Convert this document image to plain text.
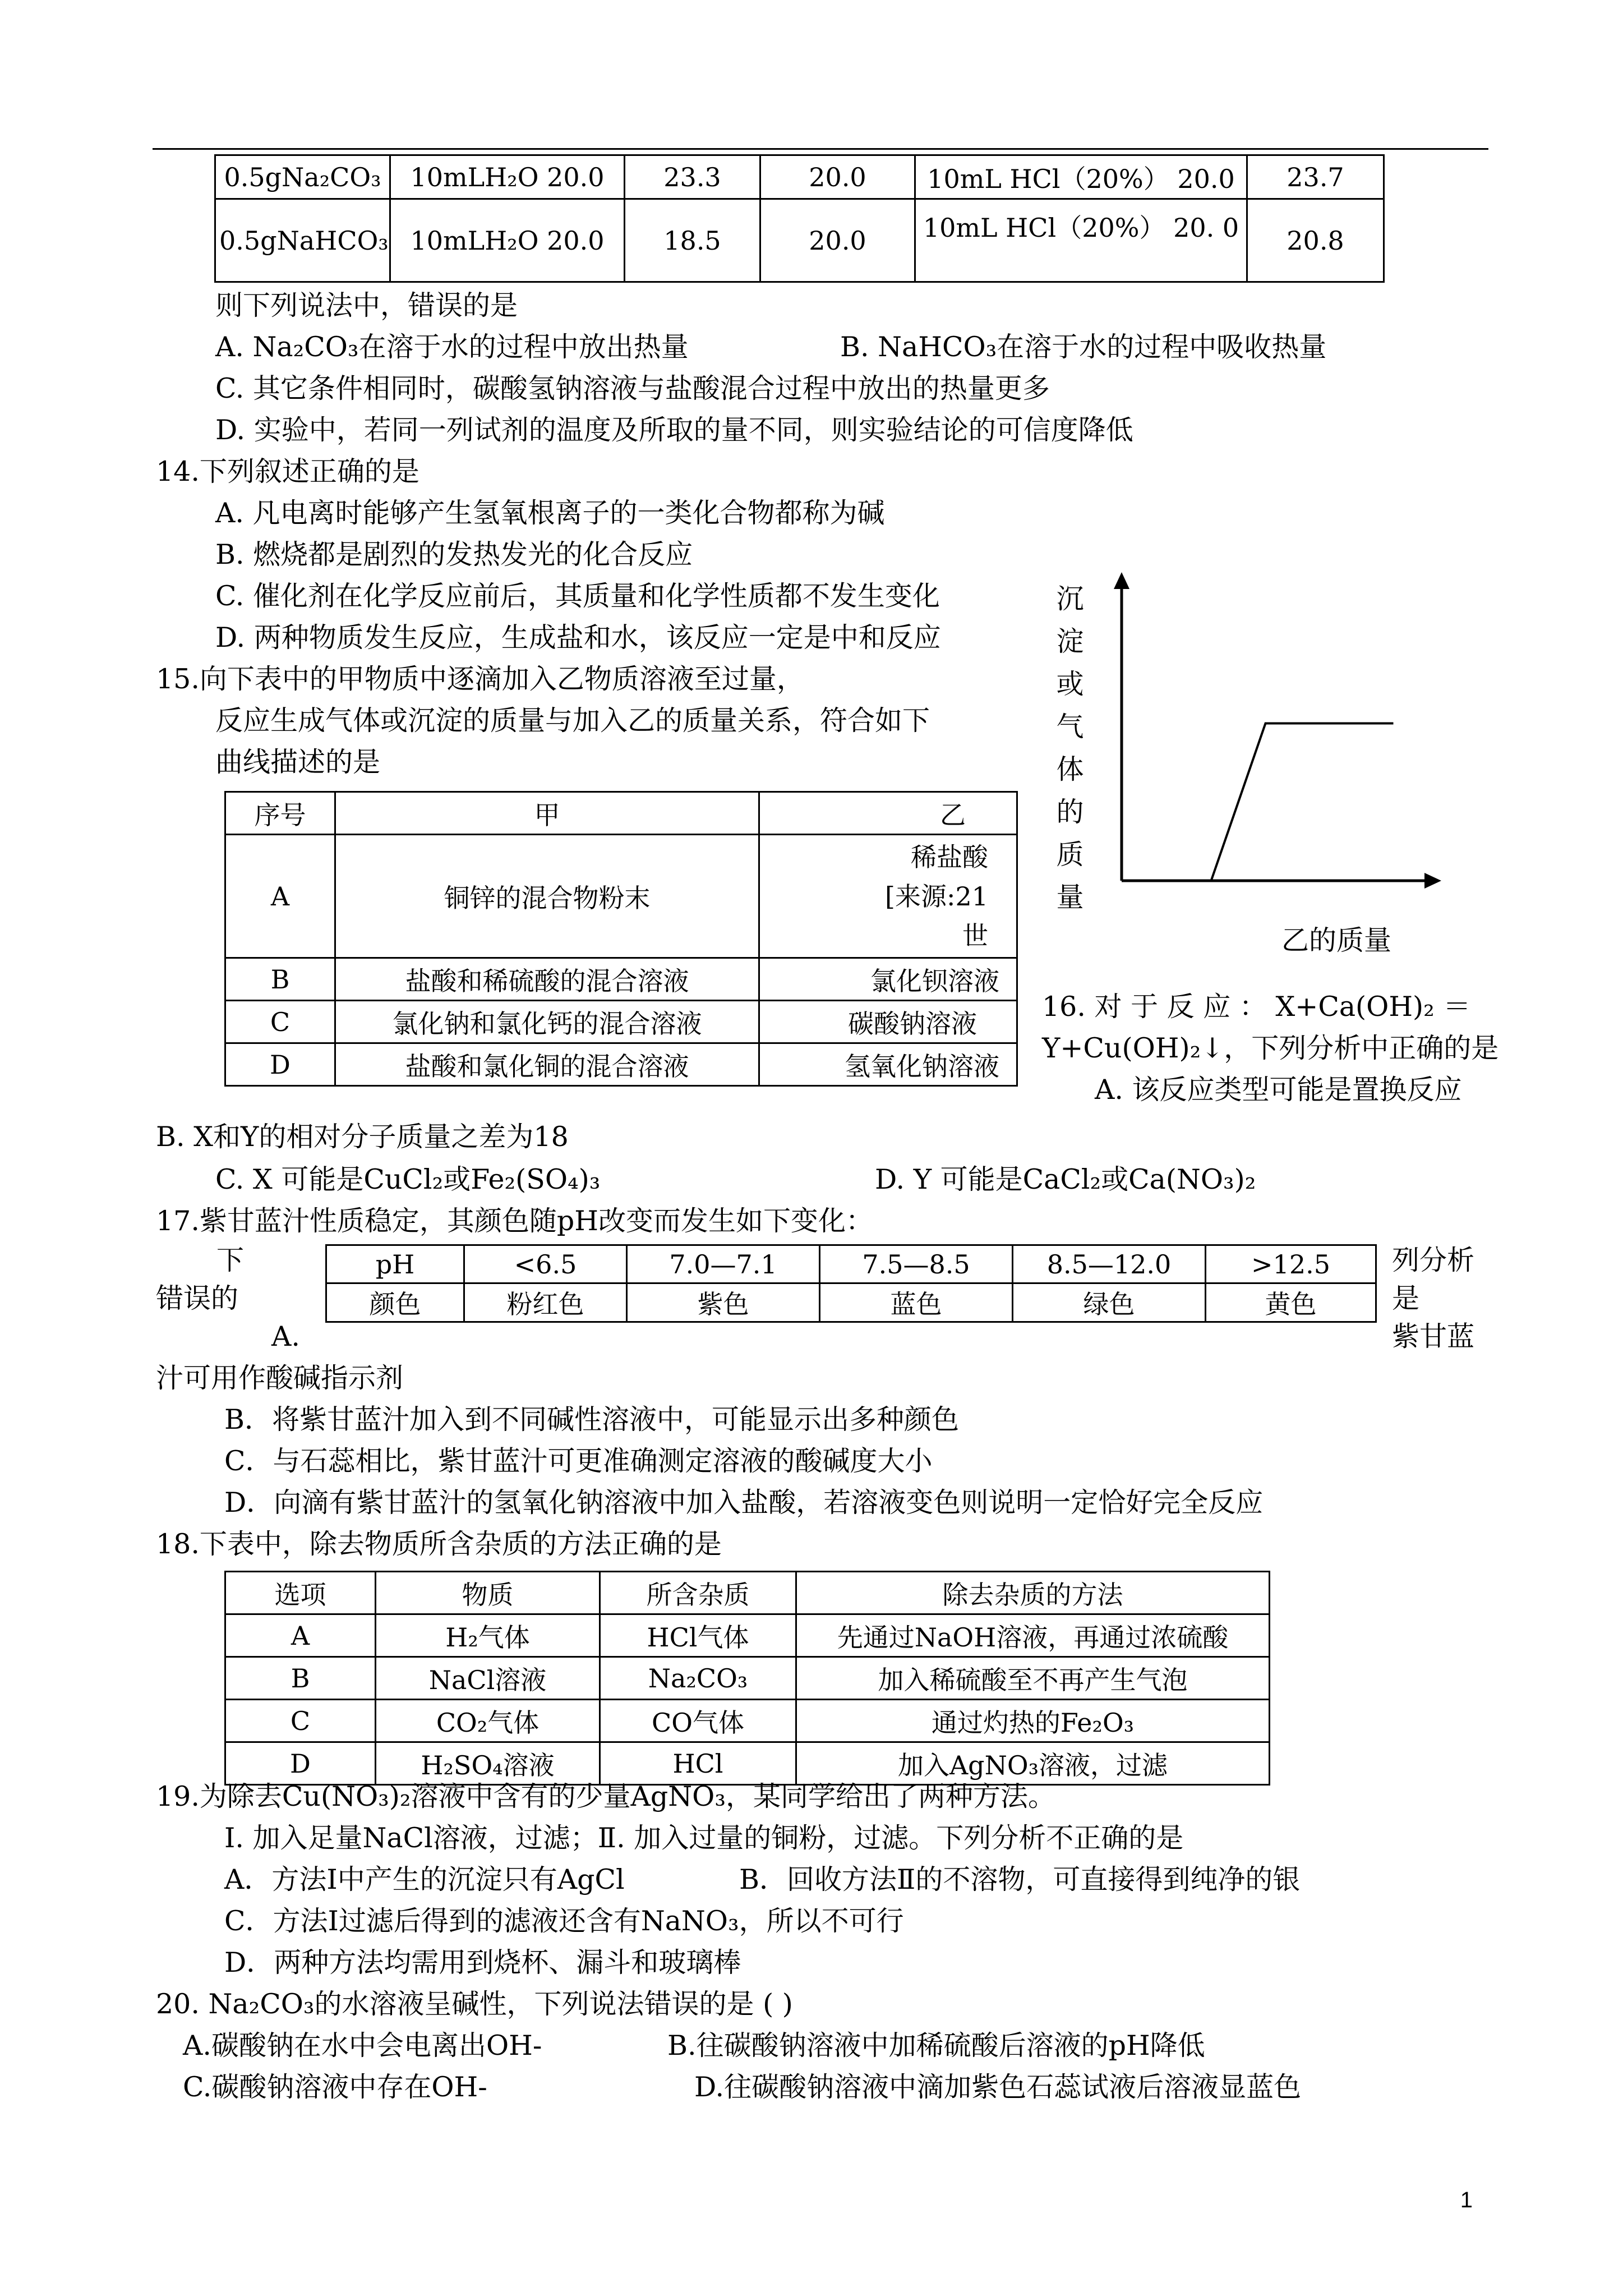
0.5gNa₂CO₃	10mLH₂O 20.0	23.3	20.0	10mL HCl（20%） 20.0	23.7
0.5gNaHCO₃	10mLH₂O 20.0	18.5	20.0	10mL HCl（20%） 20. 0	20.8
则下列说法中，错误的是
A. Na₂CO₃在溶于水的过程中放出热量	B. NaHCO₃在溶于水的过程中吸收热量
C. 其它条件相同时，碳酸氢钠溶液与盐酸混合过程中放出的热量更多
D. 实验中，若同一列试剂的温度及所取的量不同，则实验结论的可信度降低
14.下列叙述正确的是
A. 凡电离时能够产生氢氧根离子的一类化合物都称为碱
B. 燃烧都是剧烈的发热发光的化合反应
C. 催化剂在化学反应前后，其质量和化学性质都不发生变化
D. 两种物质发生反应，生成盐和水，该反应一定是中和反应
15.向下表中的甲物质中逐滴加入乙物质溶液至过量，
反应生成气体或沉淀的质量与加入乙的质量关系，符合如下
曲线描述的是
序号	甲	乙
A	铜锌的混合物粉末	稀盐酸
[来源:21
世
B	盐酸和稀硫酸的混合溶液	氯化钡溶液
C	氯化钠和氯化钙的混合溶液	碳酸钠溶液
D	盐酸和氯化铜的混合溶液	氢氧化钠溶液
沉
淀
或
气
体
的
质
量
乙的质量
16. 对 于 反 应 ： X+Ca(OH)₂ ＝
Y+Cu(OH)₂↓，下列分析中正确的是
A. 该反应类型可能是置换反应
B. X和Y的相对分子质量之差为18
C. X 可能是CuCl₂或Fe₂(SO₄)₃	D. Y 可能是CaCl₂或Ca(NO₃)₂
17.紫甘蓝汁性质稳定，其颜色随pH改变而发生如下变化：
下
错误的
A.
列分析
是
紫甘蓝
pH	<6.5	7.0—7.1	7.5—8.5	8.5—12.0	>12.5
颜色	粉红色	紫色	蓝色	绿色	黄色
汁可用作酸碱指示剂
B．将紫甘蓝汁加入到不同碱性溶液中，可能显示出多种颜色
C．与石蕊相比，紫甘蓝汁可更准确测定溶液的酸碱度大小
D．向滴有紫甘蓝汁的氢氧化钠溶液中加入盐酸，若溶液变色则说明一定恰好完全反应
18.下表中，除去物质所含杂质的方法正确的是
选项	物质	所含杂质	除去杂质的方法
A	H₂气体	HCl气体	先通过NaOH溶液，再通过浓硫酸
B	NaCl溶液	Na₂CO₃	加入稀硫酸至不再产生气泡
C	CO₂气体	CO气体	通过灼热的Fe₂O₃
D	H₂SO₄溶液	HCl	加入AgNO₃溶液，过滤
19.为除去Cu(NO₃)₂溶液中含有的少量AgNO₃，某同学给出了两种方法。
Ⅰ. 加入足量NaCl溶液，过滤；Ⅱ. 加入过量的铜粉，过滤。下列分析不正确的是
A．方法Ⅰ中产生的沉淀只有AgCl	B．回收方法Ⅱ的不溶物，可直接得到纯净的银
C．方法Ⅰ过滤后得到的滤液还含有NaNO₃，所以不可行
D．两种方法均需用到烧杯、漏斗和玻璃棒
20. Na₂CO₃的水溶液呈碱性，下列说法错误的是 ( )
A.碳酸钠在水中会电离出OH-	B.往碳酸钠溶液中加稀硫酸后溶液的pH降低
C.碳酸钠溶液中存在OH-	D.往碳酸钠溶液中滴加紫色石蕊试液后溶液显蓝色
1
